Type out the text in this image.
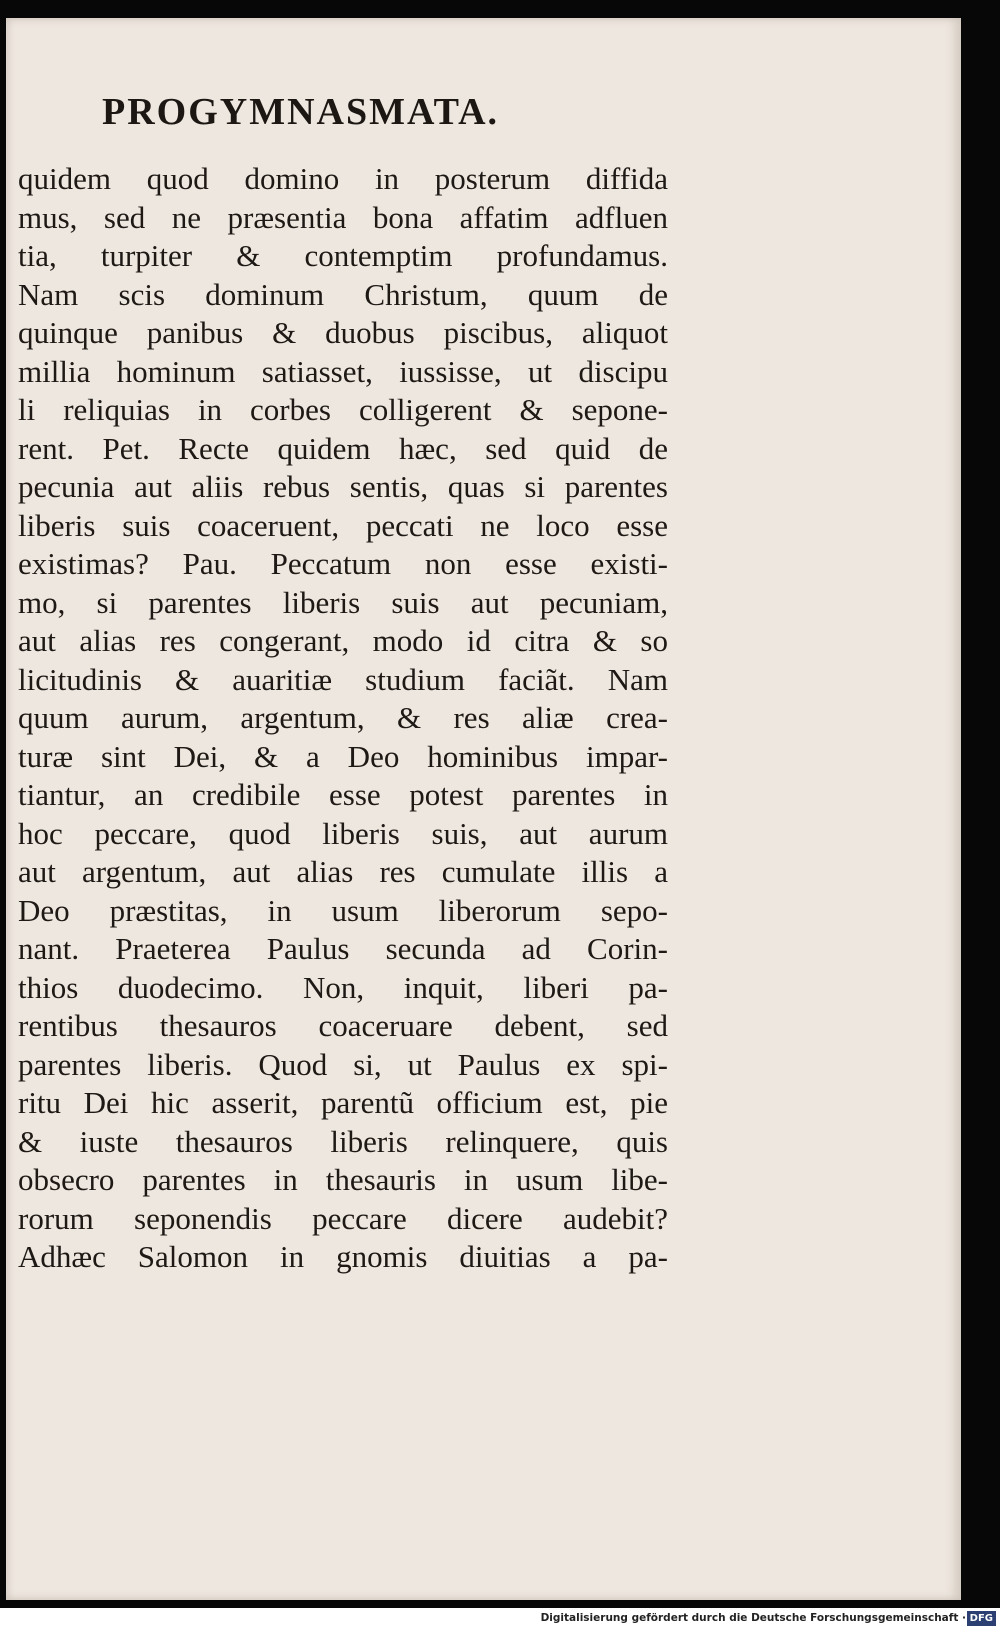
PROGYMNASMATA.
quidem quod domino in posterum diffida
mus, sed ne præsentia bona affatim adfluen
tia, turpiter & contemptim profundamus.
Nam scis dominum Christum, quum de
quinque panibus & duobus piscibus, aliquot
millia hominum satiasset, iussisse, ut discipu
li reliquias in corbes colligerent & sepone-
rent. Pet. Recte quidem hæc, sed quid de
pecunia aut aliis rebus sentis, quas si parentes
liberis suis coaceruent, peccati ne loco esse
existimas? Pau. Peccatum non esse existi-
mo, si parentes liberis suis aut pecuniam,
aut alias res congerant, modo id citra & so
licitudinis & auaritiæ studium faciãt. Nam
quum aurum, argentum, & res aliæ crea-
turæ sint Dei, & a Deo hominibus impar-
tiantur, an credibile esse potest parentes in
hoc peccare, quod liberis suis, aut aurum
aut argentum, aut alias res cumulate illis a
Deo præstitas, in usum liberorum sepo-
nant. Praeterea Paulus secunda ad Corin-
thios duodecimo. Non, inquit, liberi pa-
rentibus thesauros coaceruare debent, sed
parentes liberis. Quod si, ut Paulus ex spi-
ritu Dei hic asserit, parentũ officium est, pie
& iuste thesauros liberis relinquere, quis
obsecro parentes in thesauris in usum libe-
rorum seponendis peccare dicere audebit?
Adhæc Salomon in gnomis diuitias a pa-
Digitalisierung gefördert durch die Deutsche Forschungsgemeinschaft · DFG
